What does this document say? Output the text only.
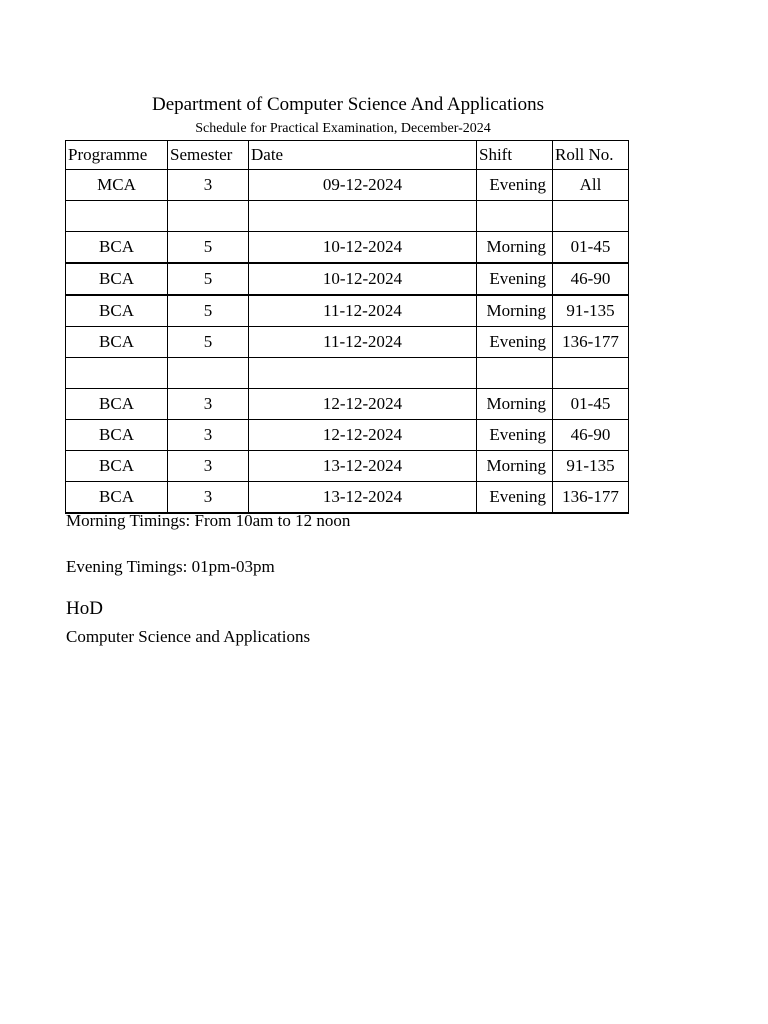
Department of Computer Science And Applications
Schedule for Practical Examination, December-2024
Programme	Semester	Date	Shift	Roll No.
MCA	3	09-12-2024	Evening	All

BCA	5	10-12-2024	Morning	01-45
BCA	5	10-12-2024	Evening	46-90
BCA	5	11-12-2024	Morning	91-135
BCA	5	11-12-2024	Evening	136-177

BCA	3	12-12-2024	Morning	01-45
BCA	3	12-12-2024	Evening	46-90
BCA	3	13-12-2024	Morning	91-135
BCA	3	13-12-2024	Evening	136-177
Morning Timings: From 10am to 12 noon
Evening Timings: 01pm-03pm
HoD
Computer Science and Applications
